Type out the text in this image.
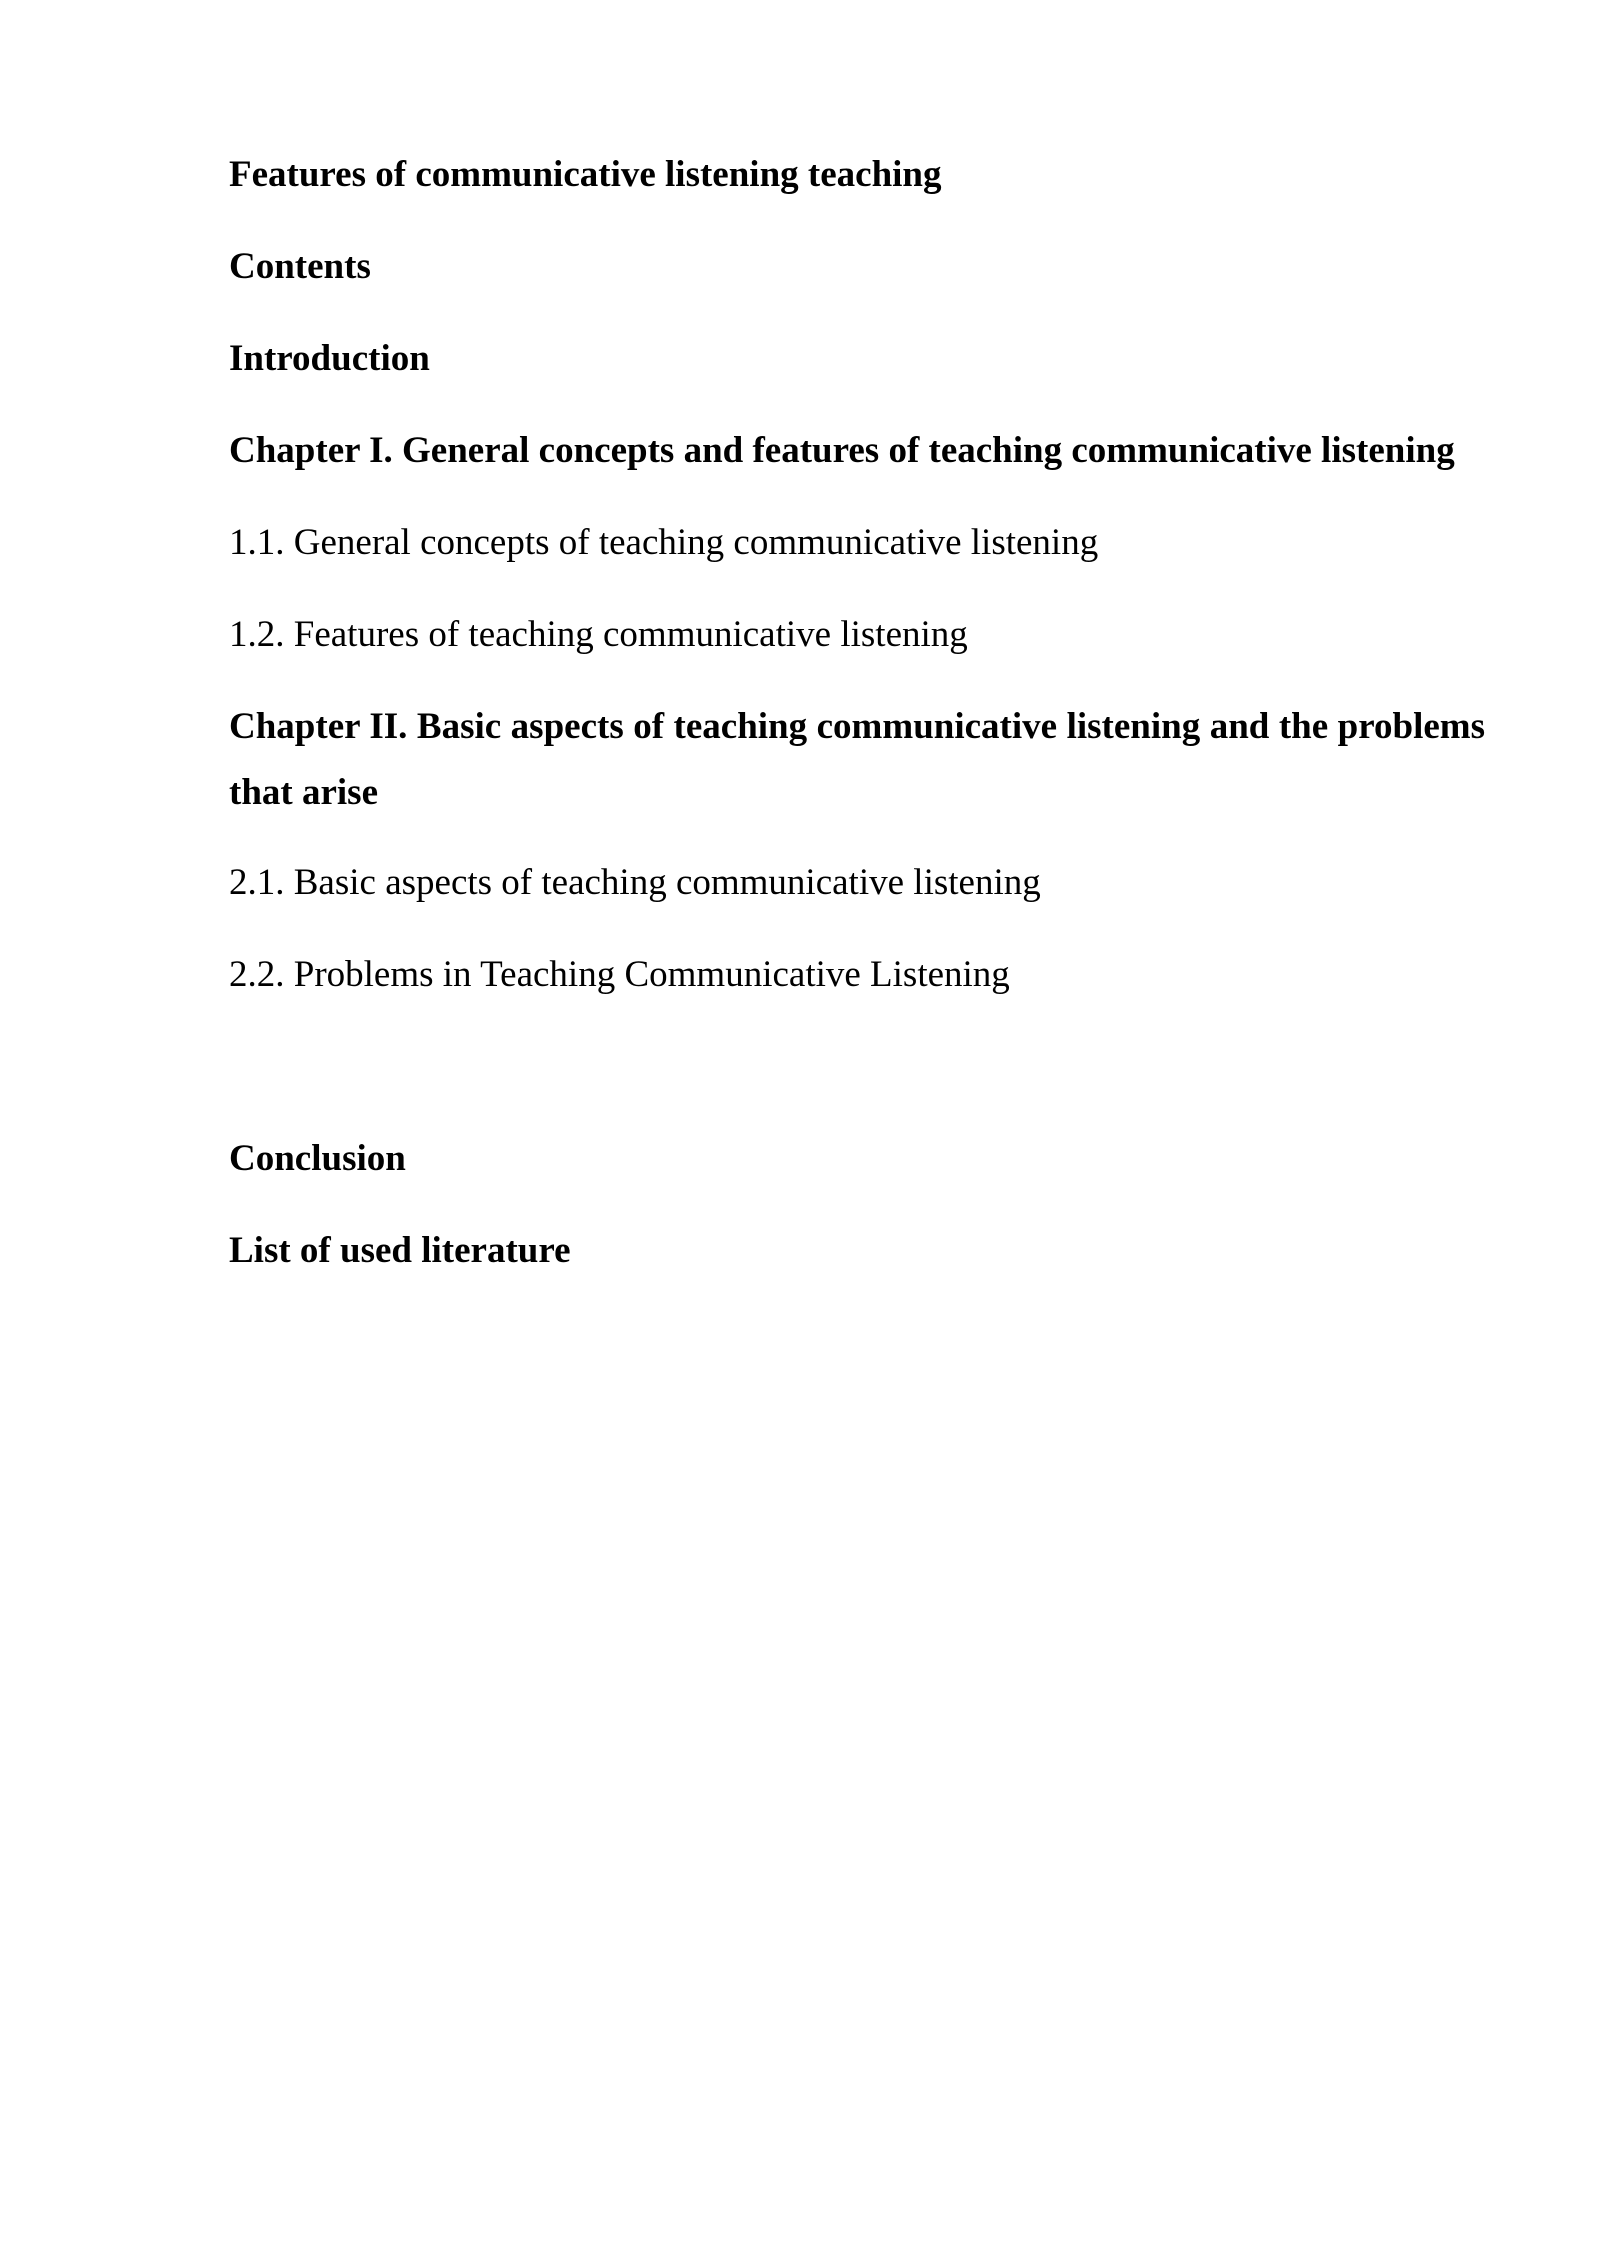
Features of communicative listening teaching

Contents

Introduction

Chapter I. General concepts and features of teaching communicative listening

1.1. General concepts of teaching communicative listening

1.2. Features of teaching communicative listening

Chapter II. Basic aspects of teaching communicative listening and the problems that arise

2.1. Basic aspects of teaching communicative listening

2.2. Problems in Teaching Communicative Listening

Conclusion

List of used literature
